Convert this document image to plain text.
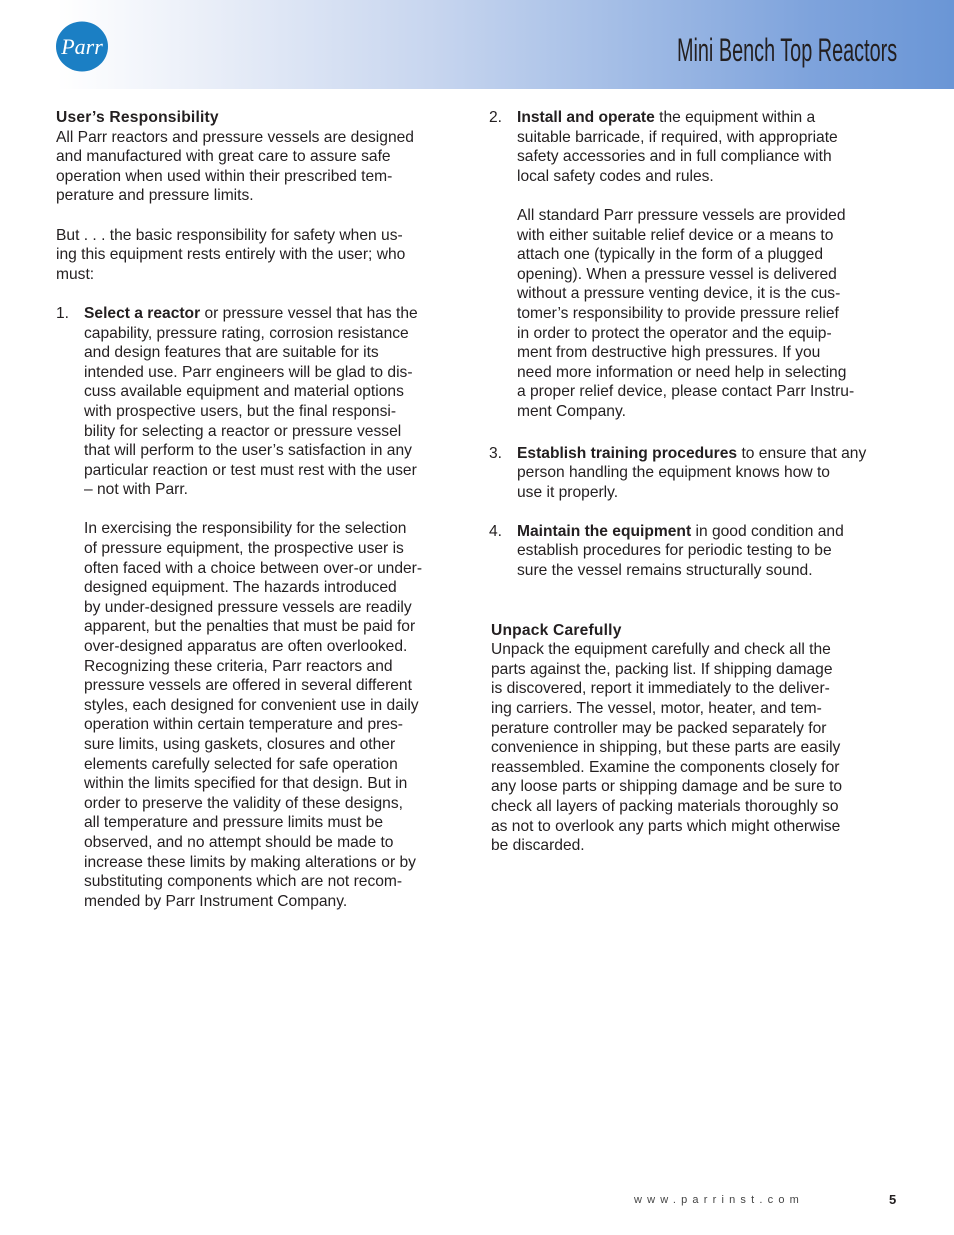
Parr	Mini Bench Top Reactors
User’s Responsibility

All Parr reactors and pressure vessels are designed
and manufactured with great care to assure safe
operation when used within their prescribed tem-
perature and pressure limits.

But . . . the basic responsibility for safety when us-
ing this equipment rests entirely with the user; who
must:

1. Select a reactor or pressure vessel that has the
capability, pressure rating, corrosion resistance
and design features that are suitable for its
intended use. Parr engineers will be glad to dis-
cuss available equipment and material options
with prospective users, but the final responsi-
bility for selecting a reactor or pressure vessel
that will perform to the user’s satisfaction in any
particular reaction or test must rest with the user
– not with Parr.
In exercising the responsibility for the selection
of pressure equipment, the prospective user is
often faced with a choice between over-or under-
designed equipment. The hazards introduced
by under-designed pressure vessels are readily
apparent, but the penalties that must be paid for
over-designed apparatus are often overlooked.
Recognizing these criteria, Parr reactors and
pressure vessels are offered in several different
styles, each designed for convenient use in daily
operation within certain temperature and pres-
sure limits, using gaskets, closures and other
elements carefully selected for safe operation
within the limits specified for that design. But in
order to preserve the validity of these designs,
all temperature and pressure limits must be
observed, and no attempt should be made to
increase these limits by making alterations or by
substituting components which are not recom-
mended by Parr Instrument Company.
2. Install and operate the equipment within a
suitable barricade, if required, with appropriate
safety accessories and in full compliance with
local safety codes and rules.
All standard Parr pressure vessels are provided
with either suitable relief device or a means to
attach one (typically in the form of a plugged
opening). When a pressure vessel is delivered
without a pressure venting device, it is the cus-
tomer’s responsibility to provide pressure relief
in order to protect the operator and the equip-
ment from destructive high pressures. If you
need more information or need help in selecting
a proper relief device, please contact Parr Instru-
ment Company.
3. Establish training procedures to ensure that any
person handling the equipment knows how to
use it properly.
4. Maintain the equipment in good condition and
establish procedures for periodic testing to be
sure the vessel remains structurally sound.
Unpack Carefully

Unpack the equipment carefully and check all the
parts against the, packing list. If shipping damage
is discovered, report it immediately to the deliver-
ing carriers. The vessel, motor, heater, and tem-
perature controller may be packed separately for
convenience in shipping, but these parts are easily
reassembled. Examine the components closely for
any loose parts or shipping damage and be sure to
check all layers of packing materials thoroughly so
as not to overlook any parts which might otherwise
be discarded.

www.parrinst.com	5
